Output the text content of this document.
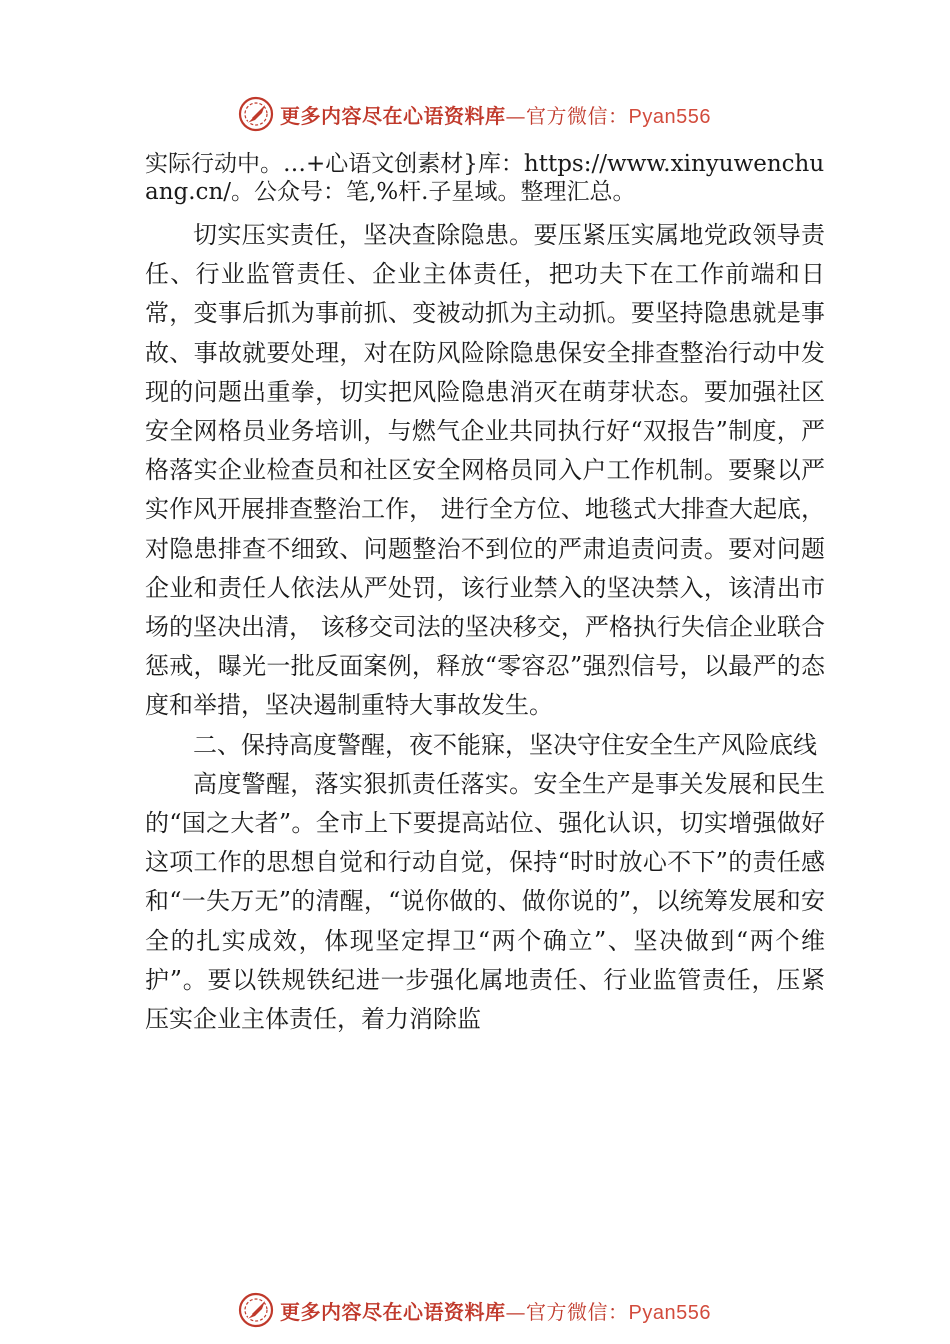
更多内容尽在心语资料库—官方微信：Pyan556

实际行动中。…+心语文创素材}库：https://www.xinyuwenchuang.cn/。公众号：笔,%杆.子星域。整理汇总。

切实压实责任，坚决查除隐患。要压紧压实属地党政领导责任、行业监管责任、企业主体责任，把功夫下在工作前端和日常，变事后抓为事前抓、变被动抓为主动抓。要坚持隐患就是事故、事故就要处理，对在防风险除隐患保安全排查整治行动中发现的问题出重拳，切实把风险隐患消灭在萌芽状态。要加强社区安全网格员业务培训，与燃气企业共同执行好“双报告”制度，严格落实企业检查员和社区安全网格员同入户工作机制。要聚以严实作风开展排查整治工作， 进行全方位、地毯式大排查大起底，对隐患排查不细致、问题整治不到位的严肃追责问责。要对问题企业和责任人依法从严处罚，该行业禁入的坚决禁入，该清出市场的坚决出清， 该移交司法的坚决移交，严格执行失信企业联合惩戒，曝光一批反面案例，释放“零容忍”强烈信号，以最严的态度和举措，坚决遏制重特大事故发生。

二、保持高度警醒，夜不能寐，坚决守住安全生产风险底线

高度警醒，落实狠抓责任落实。安全生产是事关发展和民生的“国之大者”。全市上下要提高站位、强化认识，切实增强做好这项工作的思想自觉和行动自觉，保持“时时放心不下”的责任感和“一失万无”的清醒，“说你做的、做你说的”，以统筹发展和安全的扎实成效，体现坚定捍卫“两个确立”、坚决做到“两个维护”。要以铁规铁纪进一步强化属地责任、行业监管责任，压紧压实企业主体责任，着力消除监

更多内容尽在心语资料库—官方微信：Pyan556
